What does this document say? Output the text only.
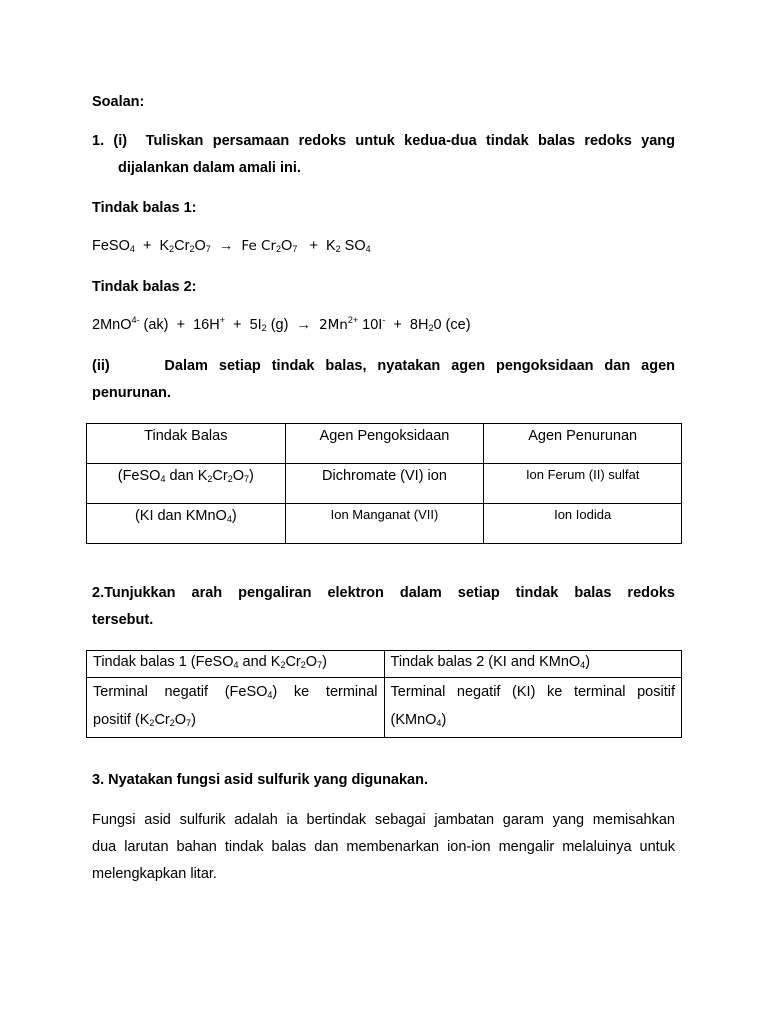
Soalan:
1. (i) Tuliskan persamaan redoks untuk kedua-dua tindak balas redoks yang
dijalankan dalam amali ini.
Tindak balas 1:
FeSO$_4$ + $K_2Cr_2O_7 \to Fe$ $Cr_2O_7 + K_2$ $SO_4$
Tindak balas 2:
2MnO$^{4-}$ $(ak) + 16H^+ + 5I_2$ $(g) \to 2Mn^{2+}$ $10I^- + 8H_20$ (ce)
(ii)	Dalam setiap tindak balas, nyatakan agen pengoksidaan dan agen
penurunan.
Tindak Balas	Agen Pengoksidaan	Agen Penurunan
(FeSO$_4$ dan $K_2Cr_2O_7$)	Dichromate (VI) ion	Ion Ferum (II) sulfat
(KI dan KMnO$_4$)	Ion Manganat (VII)	Ion Iodida
2.Tunjukkan arah pengaliran elektron dalam setiap tindak balas redoks
tersebut.
Tindak balas 1 (FeSO$_4$ and $K_2Cr_2O_7$)	Tindak balas 2 (KI and KMnO$_4$)

Terminal negatif (FeSO$_4$) ke terminal
positif $(K_2Cr_2O_7)$	Terminal negatif (KI) ke terminal positif
(KMnO$_4$)
3. Nyatakan fungsi asid sulfurik yang digunakan.
Fungsi asid sulfurik adalah ia bertindak sebagai jambatan garam yang memisahkan
dua larutan bahan tindak balas dan membenarkan ion-ion mengalir melaluinya untuk
melengkapkan litar.
